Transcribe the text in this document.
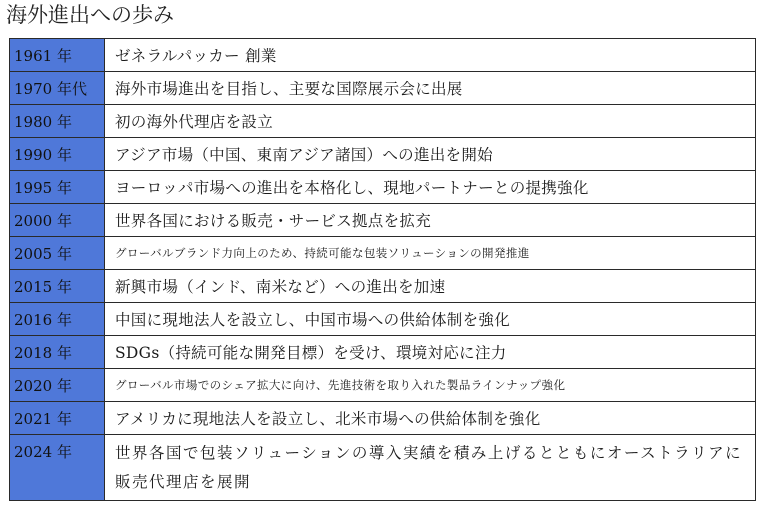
海外進出への歩み
1961 年	ゼネラルパッカー 創業
1970 年代	海外市場進出を目指し、主要な国際展示会に出展
1980 年	初の海外代理店を設立
1990 年	アジア市場（中国、東南アジア諸国）への進出を開始
1995 年	ヨーロッパ市場への進出を本格化し、現地パートナーとの提携強化
2000 年	世界各国における販売・サービス拠点を拡充
2005 年	グローバルブランド力向上のため、持続可能な包装ソリューションの開発推進
2015 年	新興市場（インド、南米など）への進出を加速
2016 年	中国に現地法人を設立し、中国市場への供給体制を強化
2018 年	SDGs（持続可能な開発目標）を受け、環境対応に注力
2020 年	グローバル市場でのシェア拡大に向け、先進技術を取り入れた製品ラインナップ強化
2021 年	アメリカに現地法人を設立し、北米市場への供給体制を強化
2024 年	世界各国で包装ソリューションの導入実績を積み上げるとともにオーストラリアに販売代理店を展開
